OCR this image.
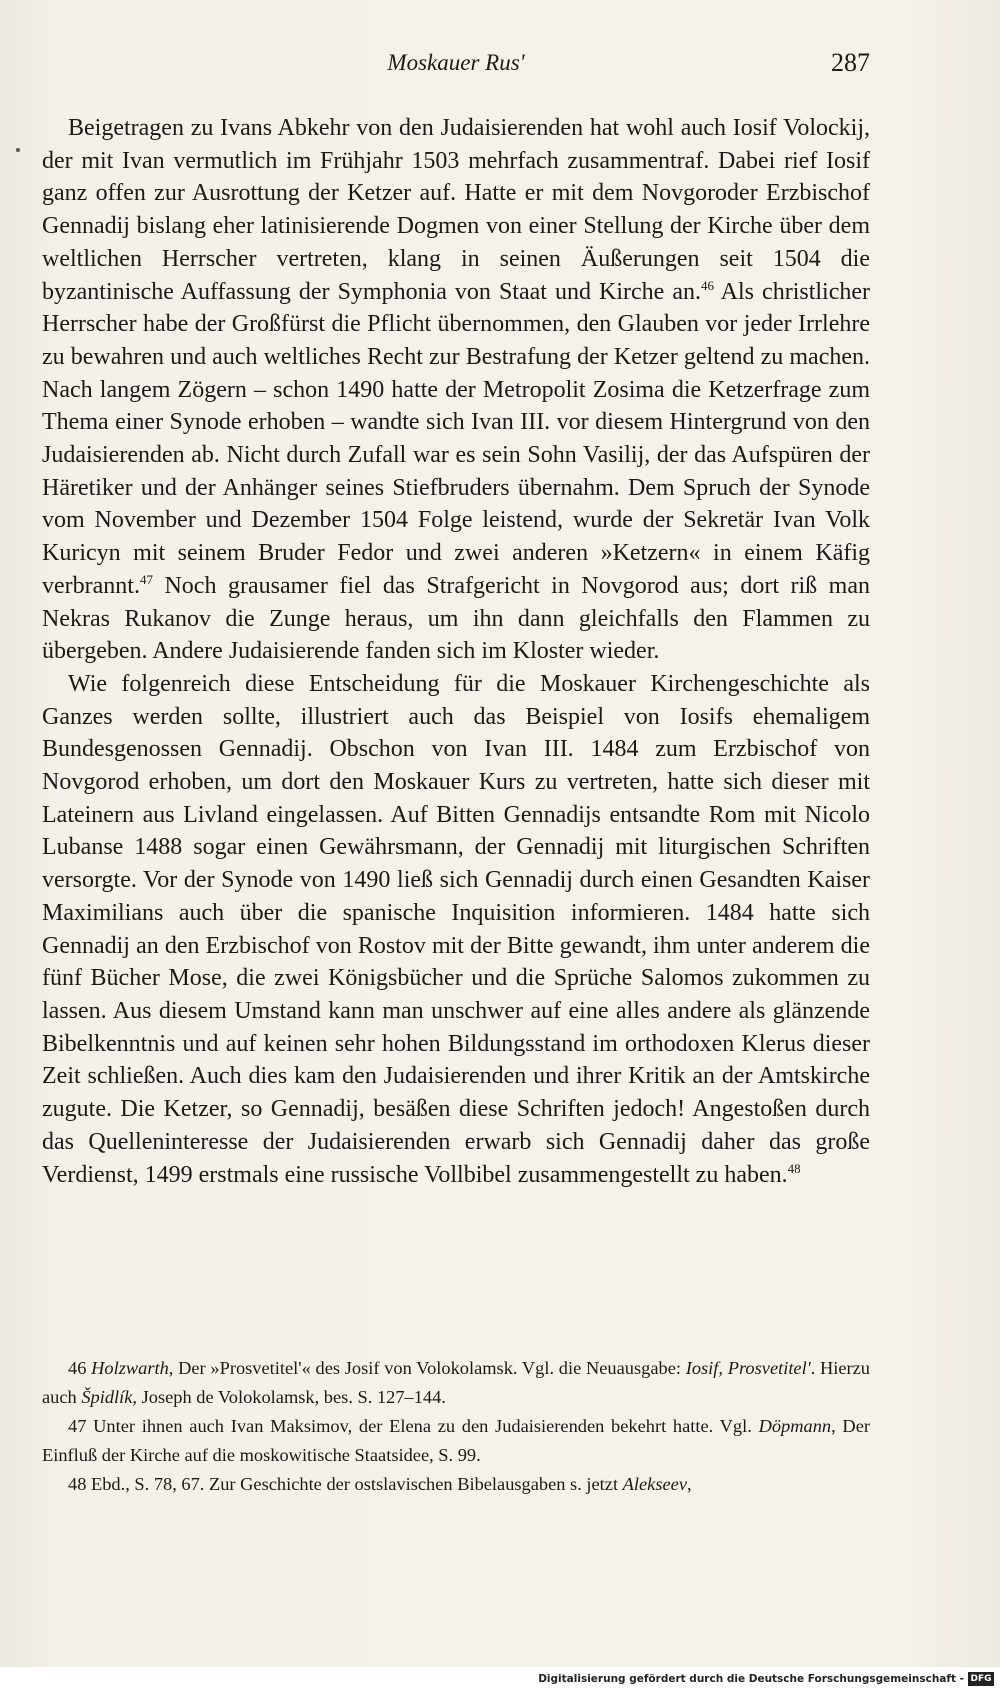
Moskauer Rus'	287

Beigetragen zu Ivans Abkehr von den Judaisierenden hat wohl auch Iosif Volockij, der mit Ivan vermutlich im Frühjahr 1503 mehrfach zusammentraf. Dabei rief Iosif ganz offen zur Ausrottung der Ketzer auf. Hatte er mit dem Novgoroder Erzbischof Gennadij bislang eher latinisierende Dogmen von einer Stellung der Kirche über dem weltlichen Herrscher vertreten, klang in seinen Äußerungen seit 1504 die byzantinische Auffassung der Symphonia von Staat und Kirche an.$^{46}$ Als christlicher Herrscher habe der Großfürst die Pflicht übernommen, den Glauben vor jeder Irrlehre zu bewahren und auch weltliches Recht zur Bestrafung der Ketzer geltend zu machen. Nach langem Zögern – schon 1490 hatte der Metropolit Zosima die Ketzerfrage zum Thema einer Synode erhoben – wandte sich Ivan III. vor diesem Hintergrund von den Judaisierenden ab. Nicht durch Zufall war es sein Sohn Vasilij, der das Aufspüren der Häretiker und der Anhänger seines Stiefbruders übernahm. Dem Spruch der Synode vom November und Dezember 1504 Folge leistend, wurde der Sekretär Ivan Volk Kuricyn mit seinem Bruder Fedor und zwei anderen »Ketzern« in einem Käfig verbrannt.$^{47}$ Noch grausamer fiel das Strafgericht in Novgorod aus; dort riß man Nekras Rukanov die Zunge heraus, um ihn dann gleichfalls den Flammen zu übergeben. Andere Judaisierende fanden sich im Kloster wieder.

Wie folgenreich diese Entscheidung für die Moskauer Kirchengeschichte als Ganzes werden sollte, illustriert auch das Beispiel von Iosifs ehemaligem Bundesgenossen Gennadij. Obschon von Ivan III. 1484 zum Erzbischof von Novgorod erhoben, um dort den Moskauer Kurs zu vertreten, hatte sich dieser mit Lateinern aus Livland eingelassen. Auf Bitten Gennadijs entsandte Rom mit Nicolo Lubanse 1488 sogar einen Gewährsmann, der Gennadij mit liturgischen Schriften versorgte. Vor der Synode von 1490 ließ sich Gennadij durch einen Gesandten Kaiser Maximilians auch über die spanische Inquisition informieren. 1484 hatte sich Gennadij an den Erzbischof von Rostov mit der Bitte gewandt, ihm unter anderem die fünf Bücher Mose, die zwei Königsbücher und die Sprüche Salomos zukommen zu lassen. Aus diesem Umstand kann man unschwer auf eine alles andere als glänzende Bibelkenntnis und auf keinen sehr hohen Bildungsstand im orthodoxen Klerus dieser Zeit schließen. Auch dies kam den Judaisierenden und ihrer Kritik an der Amtskirche zugute. Die Ketzer, so Gennadij, besäßen diese Schriften jedoch! Angestoßen durch das Quelleninteresse der Judaisierenden erwarb sich Gennadij daher das große Verdienst, 1499 erstmals eine russische Vollbibel zusammengestellt zu haben.$^{48}$

46 Holzwarth, Der »Prosvetitel'« des Josif von Volokolamsk. Vgl. die Neuausgabe: Iosif, Prosvetitel'. Hierzu auch Špidlík, Joseph de Volokolamsk, bes. S. 127–144.

47 Unter ihnen auch Ivan Maksimov, der Elena zu den Judaisierenden bekehrt hatte. Vgl. Döpmann, Der Einfluß der Kirche auf die moskowitische Staatsidee, S. 99.

48 Ebd., S. 78, 67. Zur Geschichte der ostslavischen Bibelausgaben s. jetzt Alekseev,

Digitalisierung gefördert durch die Deutsche Forschungsgemeinschaft - DFG
